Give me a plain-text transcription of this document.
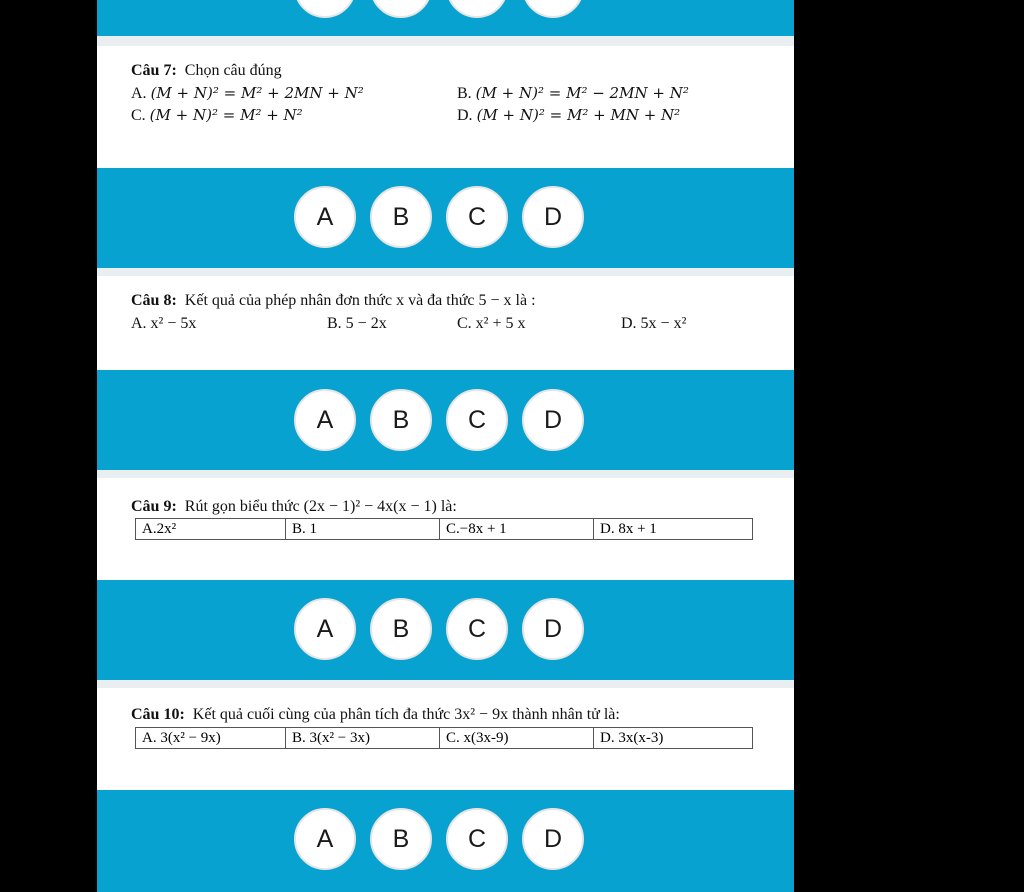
Câu 7: Chọn câu đúng
A. (M + N)² = M² + 2MN + N²	B. (M + N)² = M² − 2MN + N²
C. (M + N)² = M² + N²	D. (M + N)² = M² + MN + N²
A	B	C	D
Câu 8: Kết quả của phép nhân đơn thức x và đa thức 5 − x là :
A. x² − 5x	B. 5 − 2x	C. x² + 5 x	D. 5x − x²
A	B	C	D
Câu 9: Rút gọn biểu thức (2x − 1)² − 4x(x − 1) là:
A.2x²	B. 1	C.−8x + 1	D. 8x + 1
A	B	C	D
Câu 10: Kết quả cuối cùng của phân tích đa thức 3x² − 9x thành nhân tử là:
A. 3(x² − 9x)	B. 3(x² − 3x)	C. x(3x-9)	D. 3x(x-3)
A	B	C	D
